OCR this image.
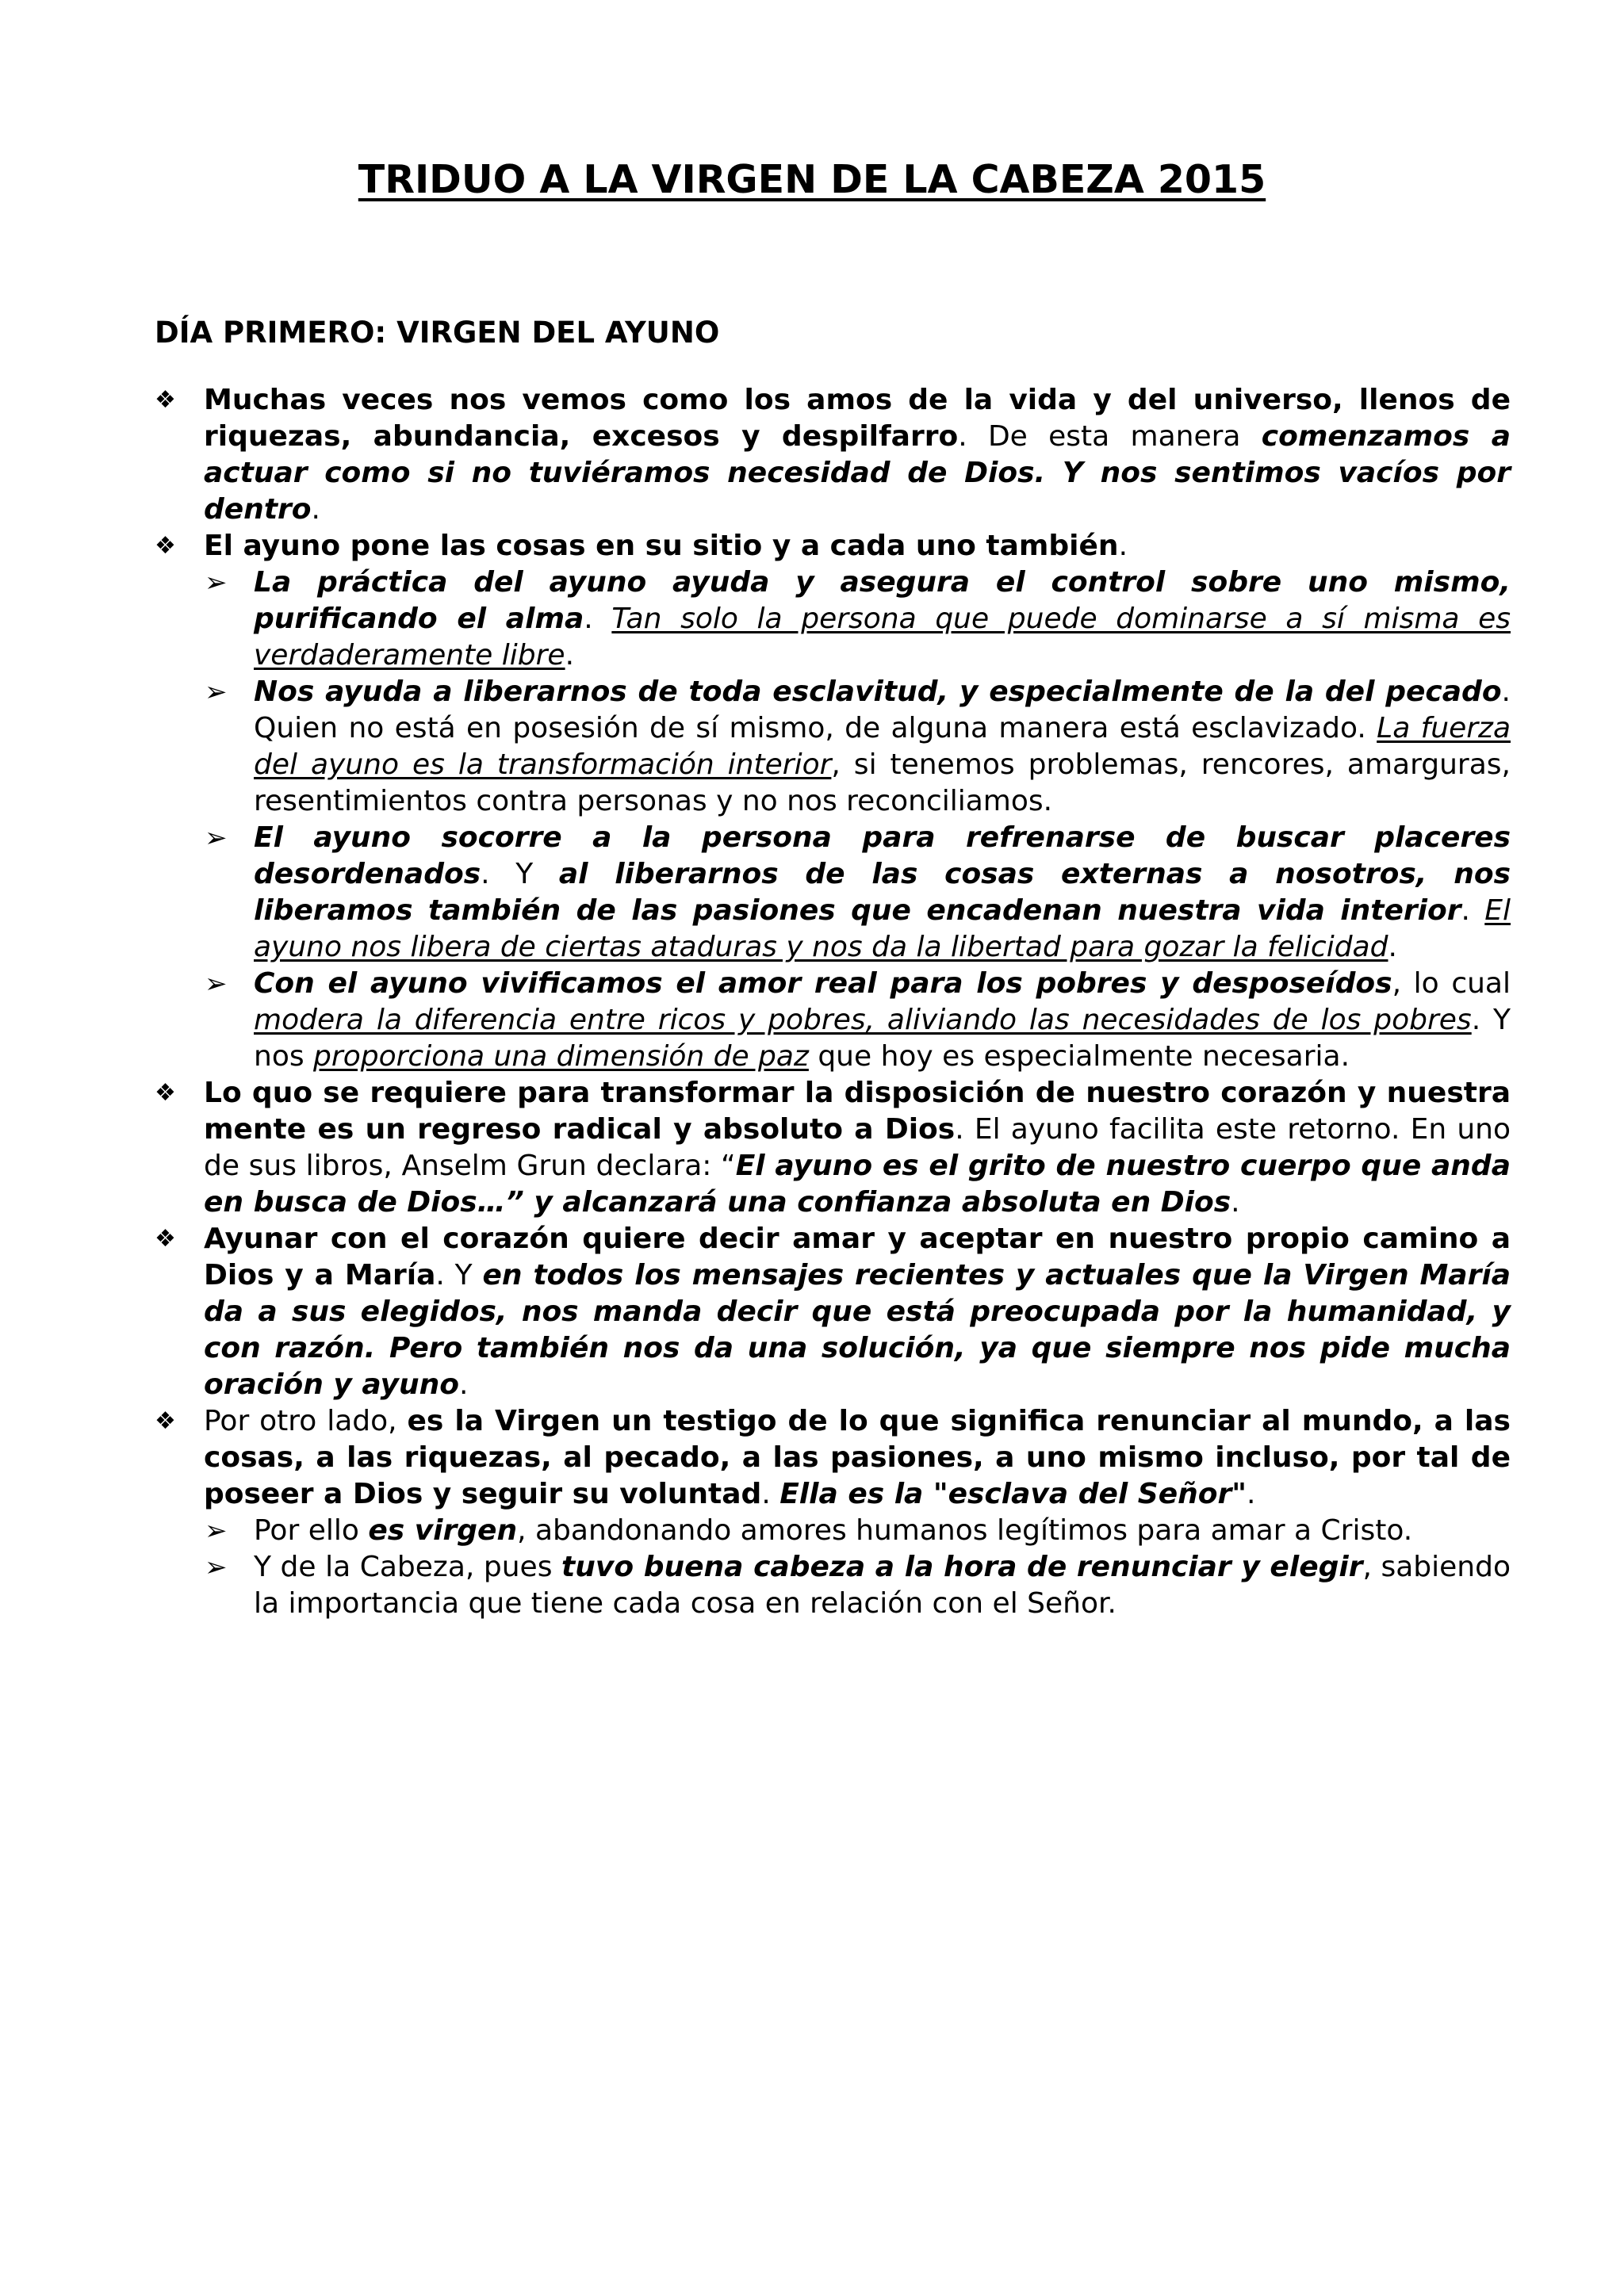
TRIDUO A LA VIRGEN DE LA CABEZA 2015
DÍA PRIMERO: VIRGEN DEL AYUNO
❖ Muchas veces nos vemos como los amos de la vida y del universo, llenos de riquezas, abundancia, excesos y despilfarro. De esta manera comenzamos a actuar como si no tuviéramos necesidad de Dios. Y nos sentimos vacíos por dentro.
❖ El ayuno pone las cosas en su sitio y a cada uno también.
➢ La práctica del ayuno ayuda y asegura el control sobre uno mismo, purificando el alma. Tan solo la persona que puede dominarse a sí misma es verdaderamente libre.
➢ Nos ayuda a liberarnos de toda esclavitud, y especialmente de la del pecado. Quien no está en posesión de sí mismo, de alguna manera está esclavizado. La fuerza del ayuno es la transformación interior, si tenemos problemas, rencores, amarguras, resentimientos contra personas y no nos reconciliamos.
➢ El ayuno socorre a la persona para refrenarse de buscar placeres desordenados. Y al liberarnos de las cosas externas a nosotros, nos liberamos también de las pasiones que encadenan nuestra vida interior. El ayuno nos libera de ciertas ataduras y nos da la libertad para gozar la felicidad.
➢ Con el ayuno vivificamos el amor real para los pobres y desposeídos, lo cual modera la diferencia entre ricos y pobres, aliviando las necesidades de los pobres. Y nos proporciona una dimensión de paz que hoy es especialmente necesaria.
❖ Lo quo se requiere para transformar la disposición de nuestro corazón y nuestra mente es un regreso radical y absoluto a Dios. El ayuno facilita este retorno. En uno de sus libros, Anselm Grun declara: “El ayuno es el grito de nuestro cuerpo que anda en busca de Dios…” y alcanzará una confianza absoluta en Dios.
❖ Ayunar con el corazón quiere decir amar y aceptar en nuestro propio camino a Dios y a María. Y en todos los mensajes recientes y actuales que la Virgen María da a sus elegidos, nos manda decir que está preocupada por la humanidad, y con razón. Pero también nos da una solución, ya que siempre nos pide mucha oración y ayuno.
❖ Por otro lado, es la Virgen un testigo de lo que significa renunciar al mundo, a las cosas, a las riquezas, al pecado, a las pasiones, a uno mismo incluso, por tal de poseer a Dios y seguir su voluntad. Ella es la "esclava del Señor".
➢ Por ello es virgen, abandonando amores humanos legítimos para amar a Cristo.
➢ Y de la Cabeza, pues tuvo buena cabeza a la hora de renunciar y elegir, sabiendo la importancia que tiene cada cosa en relación con el Señor.
